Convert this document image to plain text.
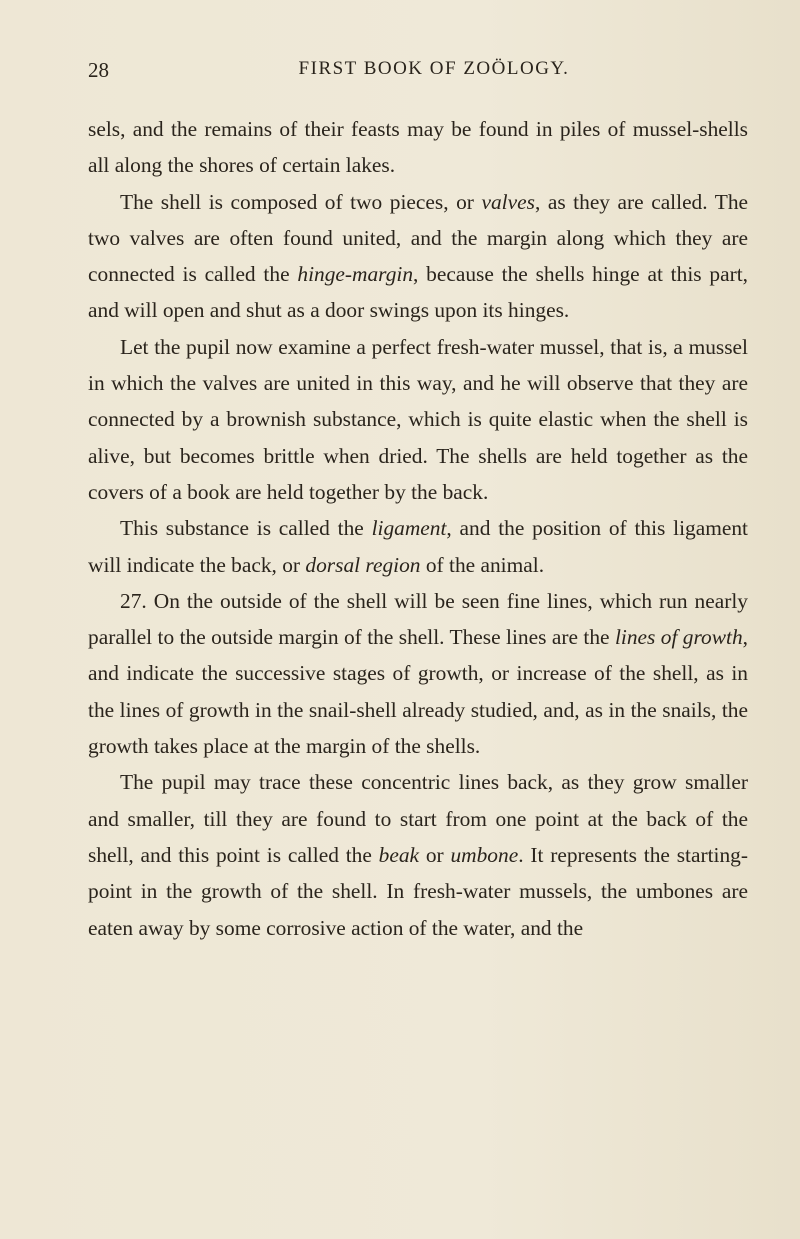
28	FIRST BOOK OF ZOÖLOGY.

sels, and the remains of their feasts may be found in piles of mussel-shells all along the shores of certain lakes.

The shell is composed of two pieces, or valves, as they are called. The two valves are often found united, and the margin along which they are connected is called the hinge-margin, because the shells hinge at this part, and will open and shut as a door swings upon its hinges.

Let the pupil now examine a perfect fresh-water mussel, that is, a mussel in which the valves are united in this way, and he will observe that they are connected by a brownish substance, which is quite elastic when the shell is alive, but becomes brittle when dried. The shells are held together as the covers of a book are held together by the back.

This substance is called the ligament, and the position of this ligament will indicate the back, or dorsal region of the animal.

27. On the outside of the shell will be seen fine lines, which run nearly parallel to the outside margin of the shell. These lines are the lines of growth, and indicate the successive stages of growth, or increase of the shell, as in the lines of growth in the snail-shell already studied, and, as in the snails, the growth takes place at the margin of the shells.

The pupil may trace these concentric lines back, as they grow smaller and smaller, till they are found to start from one point at the back of the shell, and this point is called the beak or umbone. It represents the starting-point in the growth of the shell. In fresh-water mussels, the umbones are eaten away by some corrosive action of the water, and the
